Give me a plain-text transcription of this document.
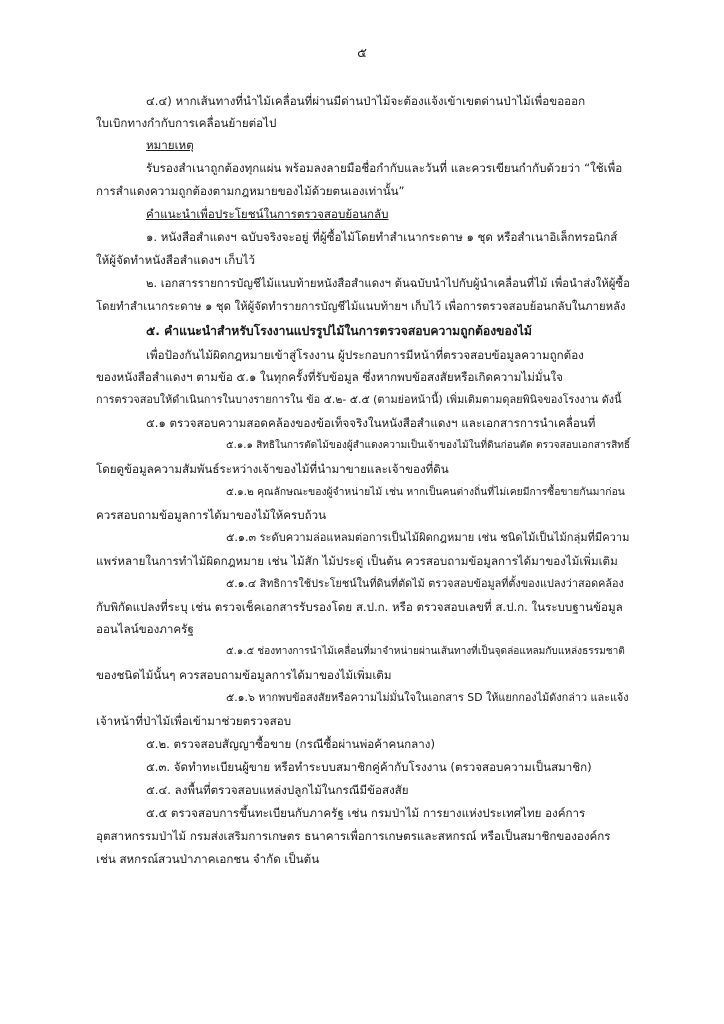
๕
๔.๔) หากเส้นทางที่นำไม้เคลื่อนที่ผ่านมีด่านป่าไม้จะต้องแจ้งเข้าเขตด่านป่าไม้เพื่อขอออก
ใบเบิกทางกำกับการเคลื่อนย้ายต่อไป
หมายเหตุ
รับรองสำเนาถูกต้องทุกแผ่น พร้อมลงลายมือชื่อกำกับและวันที่ และควรเขียนกำกับด้วยว่า “ใช้เพื่อ
การสำแดงความถูกต้องตามกฎหมายของไม้ด้วยตนเองเท่านั้น”
คำแนะนำเพื่อประโยชน์ในการตรวจสอบย้อนกลับ
๑. หนังสือสำแดงฯ ฉบับจริงจะอยู่ ที่ผู้ซื้อไม้โดยทำสำเนากระดาษ ๑ ชุด หรือสำเนาอิเล็กทรอนิกส์
ให้ผู้จัดทำหนังสือสำแดงฯ เก็บไว้
๒. เอกสารรายการบัญชีไม้แนบท้ายหนังสือสำแดงฯ ต้นฉบับนำไปกับผู้นำเคลื่อนที่ไม้ เพื่อนำส่งให้ผู้ซื้อ
โดยทำสำเนากระดาษ ๑ ชุด ให้ผู้จัดทำรายการบัญชีไม้แนบท้ายฯ เก็บไว้ เพื่อการตรวจสอบย้อนกลับในภายหลัง
๕. คำแนะนำสำหรับโรงงานแปรรูปไม้ในการตรวจสอบความถูกต้องของไม้
เพื่อป้องกันไม้ผิดกฎหมายเข้าสู่โรงงาน ผู้ประกอบการมีหน้าที่ตรวจสอบข้อมูลความถูกต้อง
ของหนังสือสำแดงฯ ตามข้อ ๕.๑ ในทุกครั้งที่รับข้อมูล ซึ่งหากพบข้อสงสัยหรือเกิดความไม่มั่นใจ
การตรวจสอบให้ดำเนินการในบางรายการใน ข้อ ๕.๒- ๕.๕ (ตามย่อหน้านี้) เพิ่มเติมตามดุลยพินิจของโรงงาน ดังนี้
๕.๑ ตรวจสอบความสอดคล้องของข้อเท็จจริงในหนังสือสำแดงฯ และเอกสารการนำเคลื่อนที่
๕.๑.๑ สิทธิในการตัดไม้ของผู้สำแดงความเป็นเจ้าของไม้ในที่ดินก่อนตัด ตรวจสอบเอกสารสิทธิ์
โดยดูข้อมูลความสัมพันธ์ระหว่างเจ้าของไม้ที่นำมาขายและเจ้าของที่ดิน
๕.๑.๒ คุณลักษณะของผู้จำหน่ายไม้ เช่น หากเป็นคนต่างถิ่นที่ไม่เคยมีการซื้อขายกันมาก่อน
ควรสอบถามข้อมูลการได้มาของไม้ให้ครบถ้วน
๕.๑.๓ ระดับความล่อแหลมต่อการเป็นไม้ผิดกฎหมาย เช่น ชนิดไม้เป็นไม้กลุ่มที่มีความ
แพร่หลายในการทำไม้ผิดกฎหมาย เช่น ไม้สัก ไม้ประดู่ เป็นต้น ควรสอบถามข้อมูลการได้มาของไม้เพิ่มเติม
๕.๑.๔ สิทธิการใช้ประโยชน์ในที่ดินที่ตัดไม้ ตรวจสอบข้อมูลที่ตั้งของแปลงว่าสอดคล้อง
กับพิกัดแปลงที่ระบุ เช่น ตรวจเช็คเอกสารรับรองโดย ส.ป.ก. หรือ ตรวจสอบเลขที่ ส.ป.ก. ในระบบฐานข้อมูล
ออนไลน์ของภาครัฐ
๕.๑.๕ ช่องทางการนำไม้เคลื่อนที่มาจำหน่ายผ่านเส้นทางที่เป็นจุดล่อแหลมกับแหล่งธรรมชาติ
ของชนิดไม้นั้นๆ ควรสอบถามข้อมูลการได้มาของไม้เพิ่มเติม
๕.๑.๖ หากพบข้อสงสัยหรือความไม่มั่นใจในเอกสาร SD ให้แยกกองไม้ดังกล่าว และแจ้ง
เจ้าหน้าที่ป่าไม้เพื่อเข้ามาช่วยตรวจสอบ
๕.๒. ตรวจสอบสัญญาซื้อขาย (กรณีซื้อผ่านพ่อค้าคนกลาง)
๕.๓. จัดทำทะเบียนผู้ขาย หรือทำระบบสมาชิกคู่ค้ากับโรงงาน (ตรวจสอบความเป็นสมาชิก)
๕.๔. ลงพื้นที่ตรวจสอบแหล่งปลูกไม้ในกรณีมีข้อสงสัย
๕.๕ ตรวจสอบการขึ้นทะเบียนกับภาครัฐ เช่น กรมป่าไม้ การยางแห่งประเทศไทย องค์การ
อุตสาหกรรมป่าไม้ กรมส่งเสริมการเกษตร ธนาคารเพื่อการเกษตรและสหกรณ์ หรือเป็นสมาชิกขององค์กร
เช่น สหกรณ์สวนป่าภาคเอกชน จำกัด เป็นต้น
